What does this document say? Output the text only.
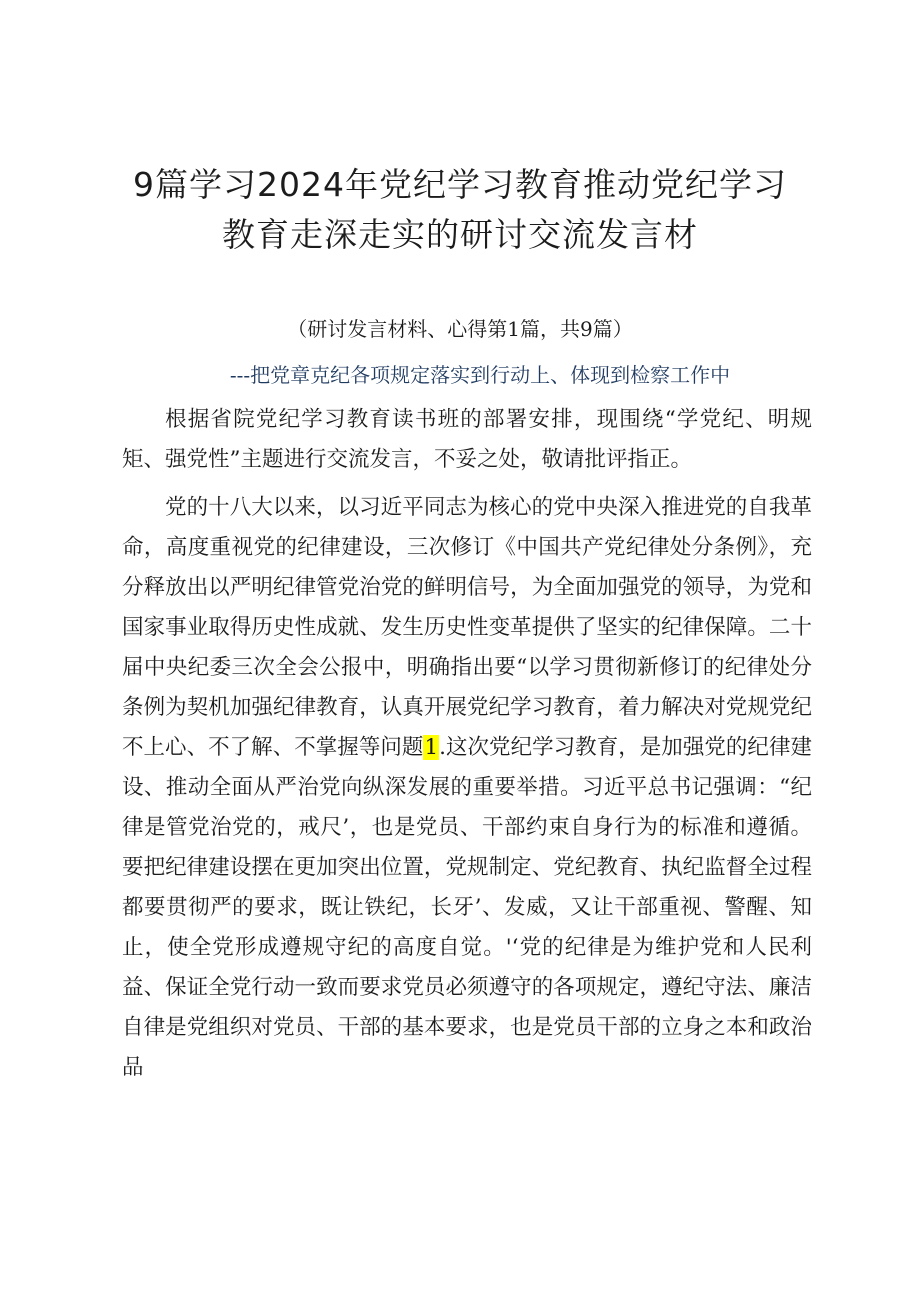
9篇学习2024年党纪学习教育推动党纪学习
教育走深走实的研讨交流发言材
（研讨发言材料、心得第1篇，共9篇）
---把党章克纪各项规定落实到行动上、体现到检察工作中

根据省院党纪学习教育读书班的部署安排，现围绕“学党纪、明规矩、强党性”主题进行交流发言，不妥之处，敬请批评指正。

党的十八大以来，以习近平同志为核心的党中央深入推进党的自我革命，高度重视党的纪律建设，三次修订《中国共产党纪律处分条例》，充分释放出以严明纪律管党治党的鲜明信号，为全面加强党的领导，为党和国家事业取得历史性成就、发生历史性变革提供了坚实的纪律保障。二十届中央纪委三次全会公报中，明确指出要“以学习贯彻新修订的纪律处分条例为契机加强纪律教育，认真开展党纪学习教育，着力解决对党规党纪不上心、不了解、不掌握等问题1.这次党纪学习教育，是加强党的纪律建设、推动全面从严治党向纵深发展的重要举措。习近平总书记强调：“纪律是管党治党的，戒尺’，也是党员、干部约束自身行为的标准和遵循。要把纪律建设摆在更加突出位置，党规制定、党纪教育、执纪监督全过程都要贯彻严的要求，既让铁纪，长牙’、发威，又让干部重视、警醒、知止，使全党形成遵规守纪的高度自觉。'‘党的纪律是为维护党和人民利益、保证全党行动一致而要求党员必须遵守的各项规定，遵纪守法、廉洁自律是党组织对党员、干部的基本要求，也是党员干部的立身之本和政治品
